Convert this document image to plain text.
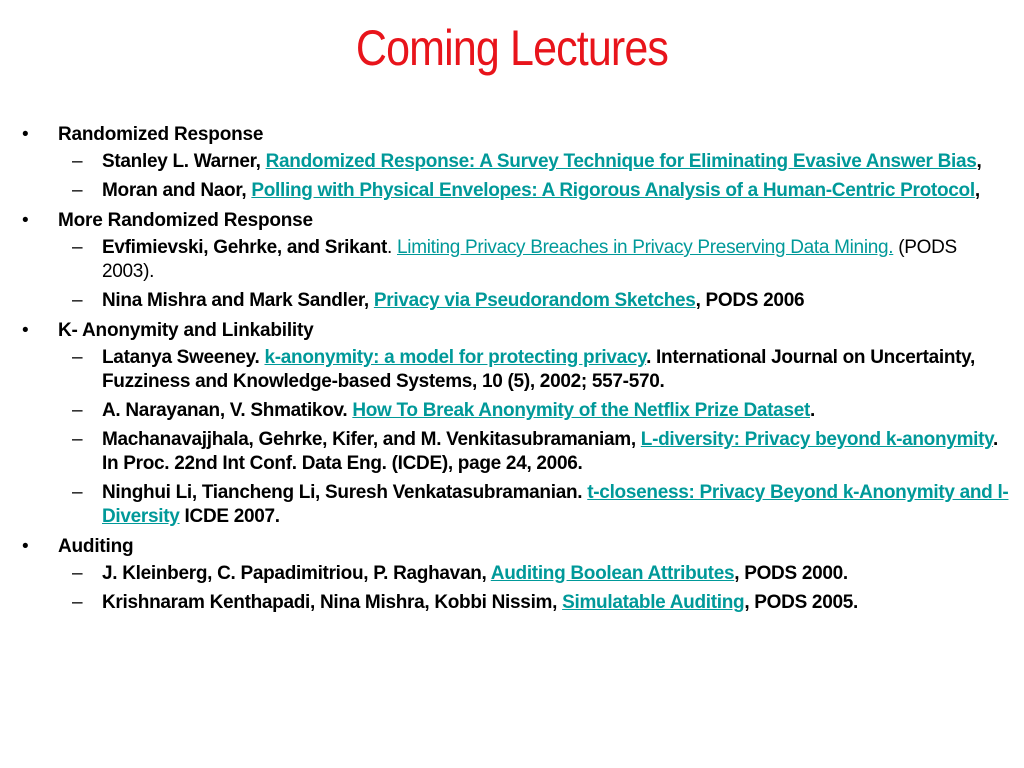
Coming Lectures
• Randomized Response
– Stanley L. Warner, Randomized Response: A Survey Technique for Eliminating Evasive Answer Bias,
– Moran and Naor, Polling with Physical Envelopes: A Rigorous Analysis of a Human-Centric Protocol,
• More Randomized Response
– Evfimievski, Gehrke, and Srikant. Limiting Privacy Breaches in Privacy Preserving Data Mining. (PODS 2003).
– Nina Mishra and Mark Sandler, Privacy via Pseudorandom Sketches, PODS 2006
• K- Anonymity and Linkability
– Latanya Sweeney. k-anonymity: a model for protecting privacy. International Journal on Uncertainty, Fuzziness and Knowledge-based Systems, 10 (5), 2002; 557-570.
– A. Narayanan, V. Shmatikov. How To Break Anonymity of the Netflix Prize Dataset.
– Machanavajjhala, Gehrke, Kifer, and M. Venkitasubramaniam, L-diversity: Privacy beyond k-anonymity. In Proc. 22nd Int Conf. Data Eng. (ICDE), page 24, 2006.
– Ninghui Li, Tiancheng Li, Suresh Venkatasubramanian. t-closeness: Privacy Beyond k-Anonymity and l-Diversity ICDE 2007.
• Auditing
– J. Kleinberg, C. Papadimitriou, P. Raghavan, Auditing Boolean Attributes, PODS 2000.
– Krishnaram Kenthapadi, Nina Mishra, Kobbi Nissim, Simulatable Auditing, PODS 2005.
